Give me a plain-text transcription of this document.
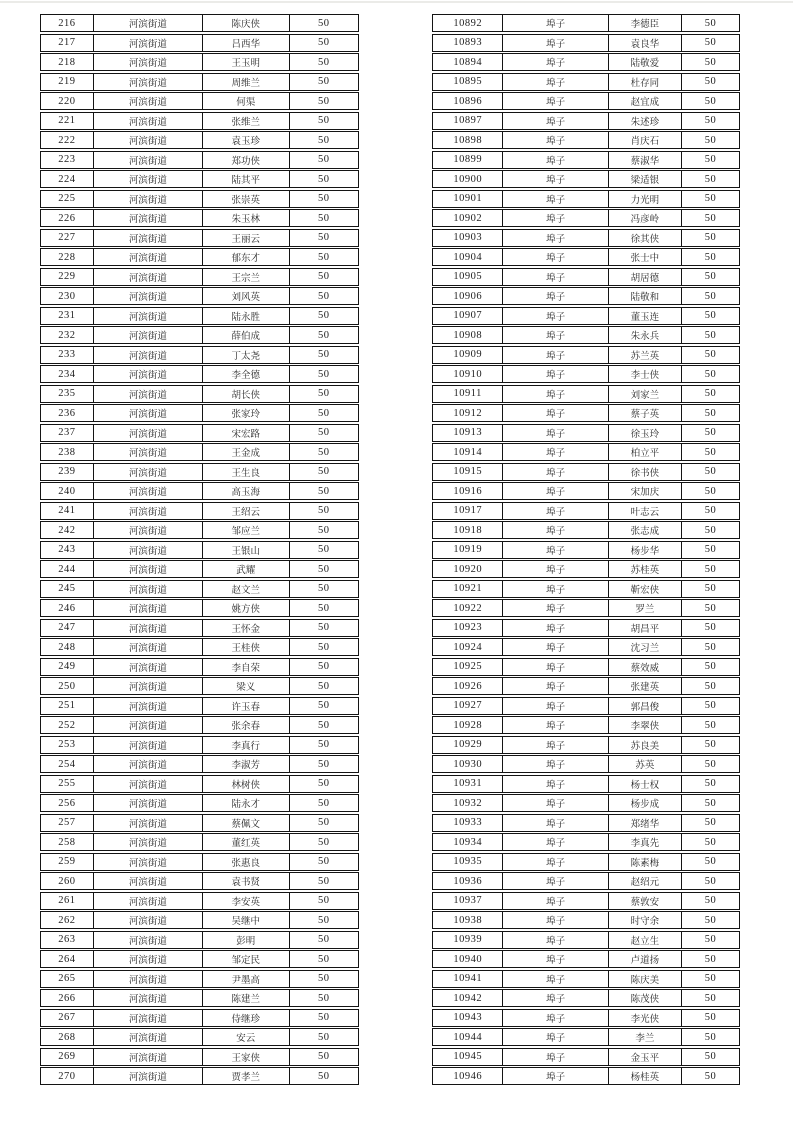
216	河滨街道	陈庆侠	50
217	河滨街道	吕西华	50
218	河滨街道	王玉明	50
219	河滨街道	周维兰	50
220	河滨街道	何渠	50
221	河滨街道	张维兰	50
222	河滨街道	袁玉珍	50
223	河滨街道	郑功侠	50
224	河滨街道	陆其平	50
225	河滨街道	张崇英	50
226	河滨街道	朱玉林	50
227	河滨街道	王丽云	50
228	河滨街道	郁东才	50
229	河滨街道	王宗兰	50
230	河滨街道	刘风英	50
231	河滨街道	陆永胜	50
232	河滨街道	薛伯成	50
233	河滨街道	丁太尧	50
234	河滨街道	李全德	50
235	河滨街道	胡长侠	50
236	河滨街道	张家玲	50
237	河滨街道	宋宏路	50
238	河滨街道	王金成	50
239	河滨街道	王生良	50
240	河滨街道	高玉海	50
241	河滨街道	王绍云	50
242	河滨街道	邹应兰	50
243	河滨街道	王银山	50
244	河滨街道	武耀	50
245	河滨街道	赵文兰	50
246	河滨街道	姚方侠	50
247	河滨街道	王怀金	50
248	河滨街道	王桂侠	50
249	河滨街道	李自荣	50
250	河滨街道	梁义	50
251	河滨街道	许玉春	50
252	河滨街道	张余春	50
253	河滨街道	李真行	50
254	河滨街道	李淑芳	50
255	河滨街道	林树侠	50
256	河滨街道	陆永才	50
257	河滨街道	蔡佩文	50
258	河滨街道	董红英	50
259	河滨街道	张惠良	50
260	河滨街道	袁书贤	50
261	河滨街道	李安英	50
262	河滨街道	吴继中	50
263	河滨街道	彭明	50
264	河滨街道	邹定民	50
265	河滨街道	尹墨高	50
266	河滨街道	陈建兰	50
267	河滨街道	侍继珍	50
268	河滨街道	安云	50
269	河滨街道	王家侠	50
270	河滨街道	贾孝兰	50
10892	埠子	李德臣	50
10893	埠子	袁良华	50
10894	埠子	陆敬爱	50
10895	埠子	杜存同	50
10896	埠子	赵宜成	50
10897	埠子	朱述珍	50
10898	埠子	肖庆石	50
10899	埠子	蔡淑华	50
10900	埠子	梁适银	50
10901	埠子	力光明	50
10902	埠子	冯彦岭	50
10903	埠子	徐其侠	50
10904	埠子	张士中	50
10905	埠子	胡居德	50
10906	埠子	陆敬和	50
10907	埠子	董玉连	50
10908	埠子	朱永兵	50
10909	埠子	苏兰英	50
10910	埠子	李士侠	50
10911	埠子	刘家兰	50
10912	埠子	蔡子英	50
10913	埠子	徐玉玲	50
10914	埠子	柏立平	50
10915	埠子	徐书侠	50
10916	埠子	宋加庆	50
10917	埠子	叶志云	50
10918	埠子	张志成	50
10919	埠子	杨步华	50
10920	埠子	苏桂英	50
10921	埠子	靳宏侠	50
10922	埠子	罗兰	50
10923	埠子	胡昌平	50
10924	埠子	沈习兰	50
10925	埠子	蔡效威	50
10926	埠子	张建英	50
10927	埠子	郭昌俊	50
10928	埠子	李翠侠	50
10929	埠子	苏良美	50
10930	埠子	苏英	50
10931	埠子	杨士权	50
10932	埠子	杨步成	50
10933	埠子	郑绪华	50
10934	埠子	李真先	50
10935	埠子	陈素梅	50
10936	埠子	赵绍元	50
10937	埠子	蔡敦安	50
10938	埠子	时守余	50
10939	埠子	赵立生	50
10940	埠子	卢道扬	50
10941	埠子	陈庆美	50
10942	埠子	陈茂侠	50
10943	埠子	李光侠	50
10944	埠子	李兰	50
10945	埠子	金玉平	50
10946	埠子	杨桂英	50
